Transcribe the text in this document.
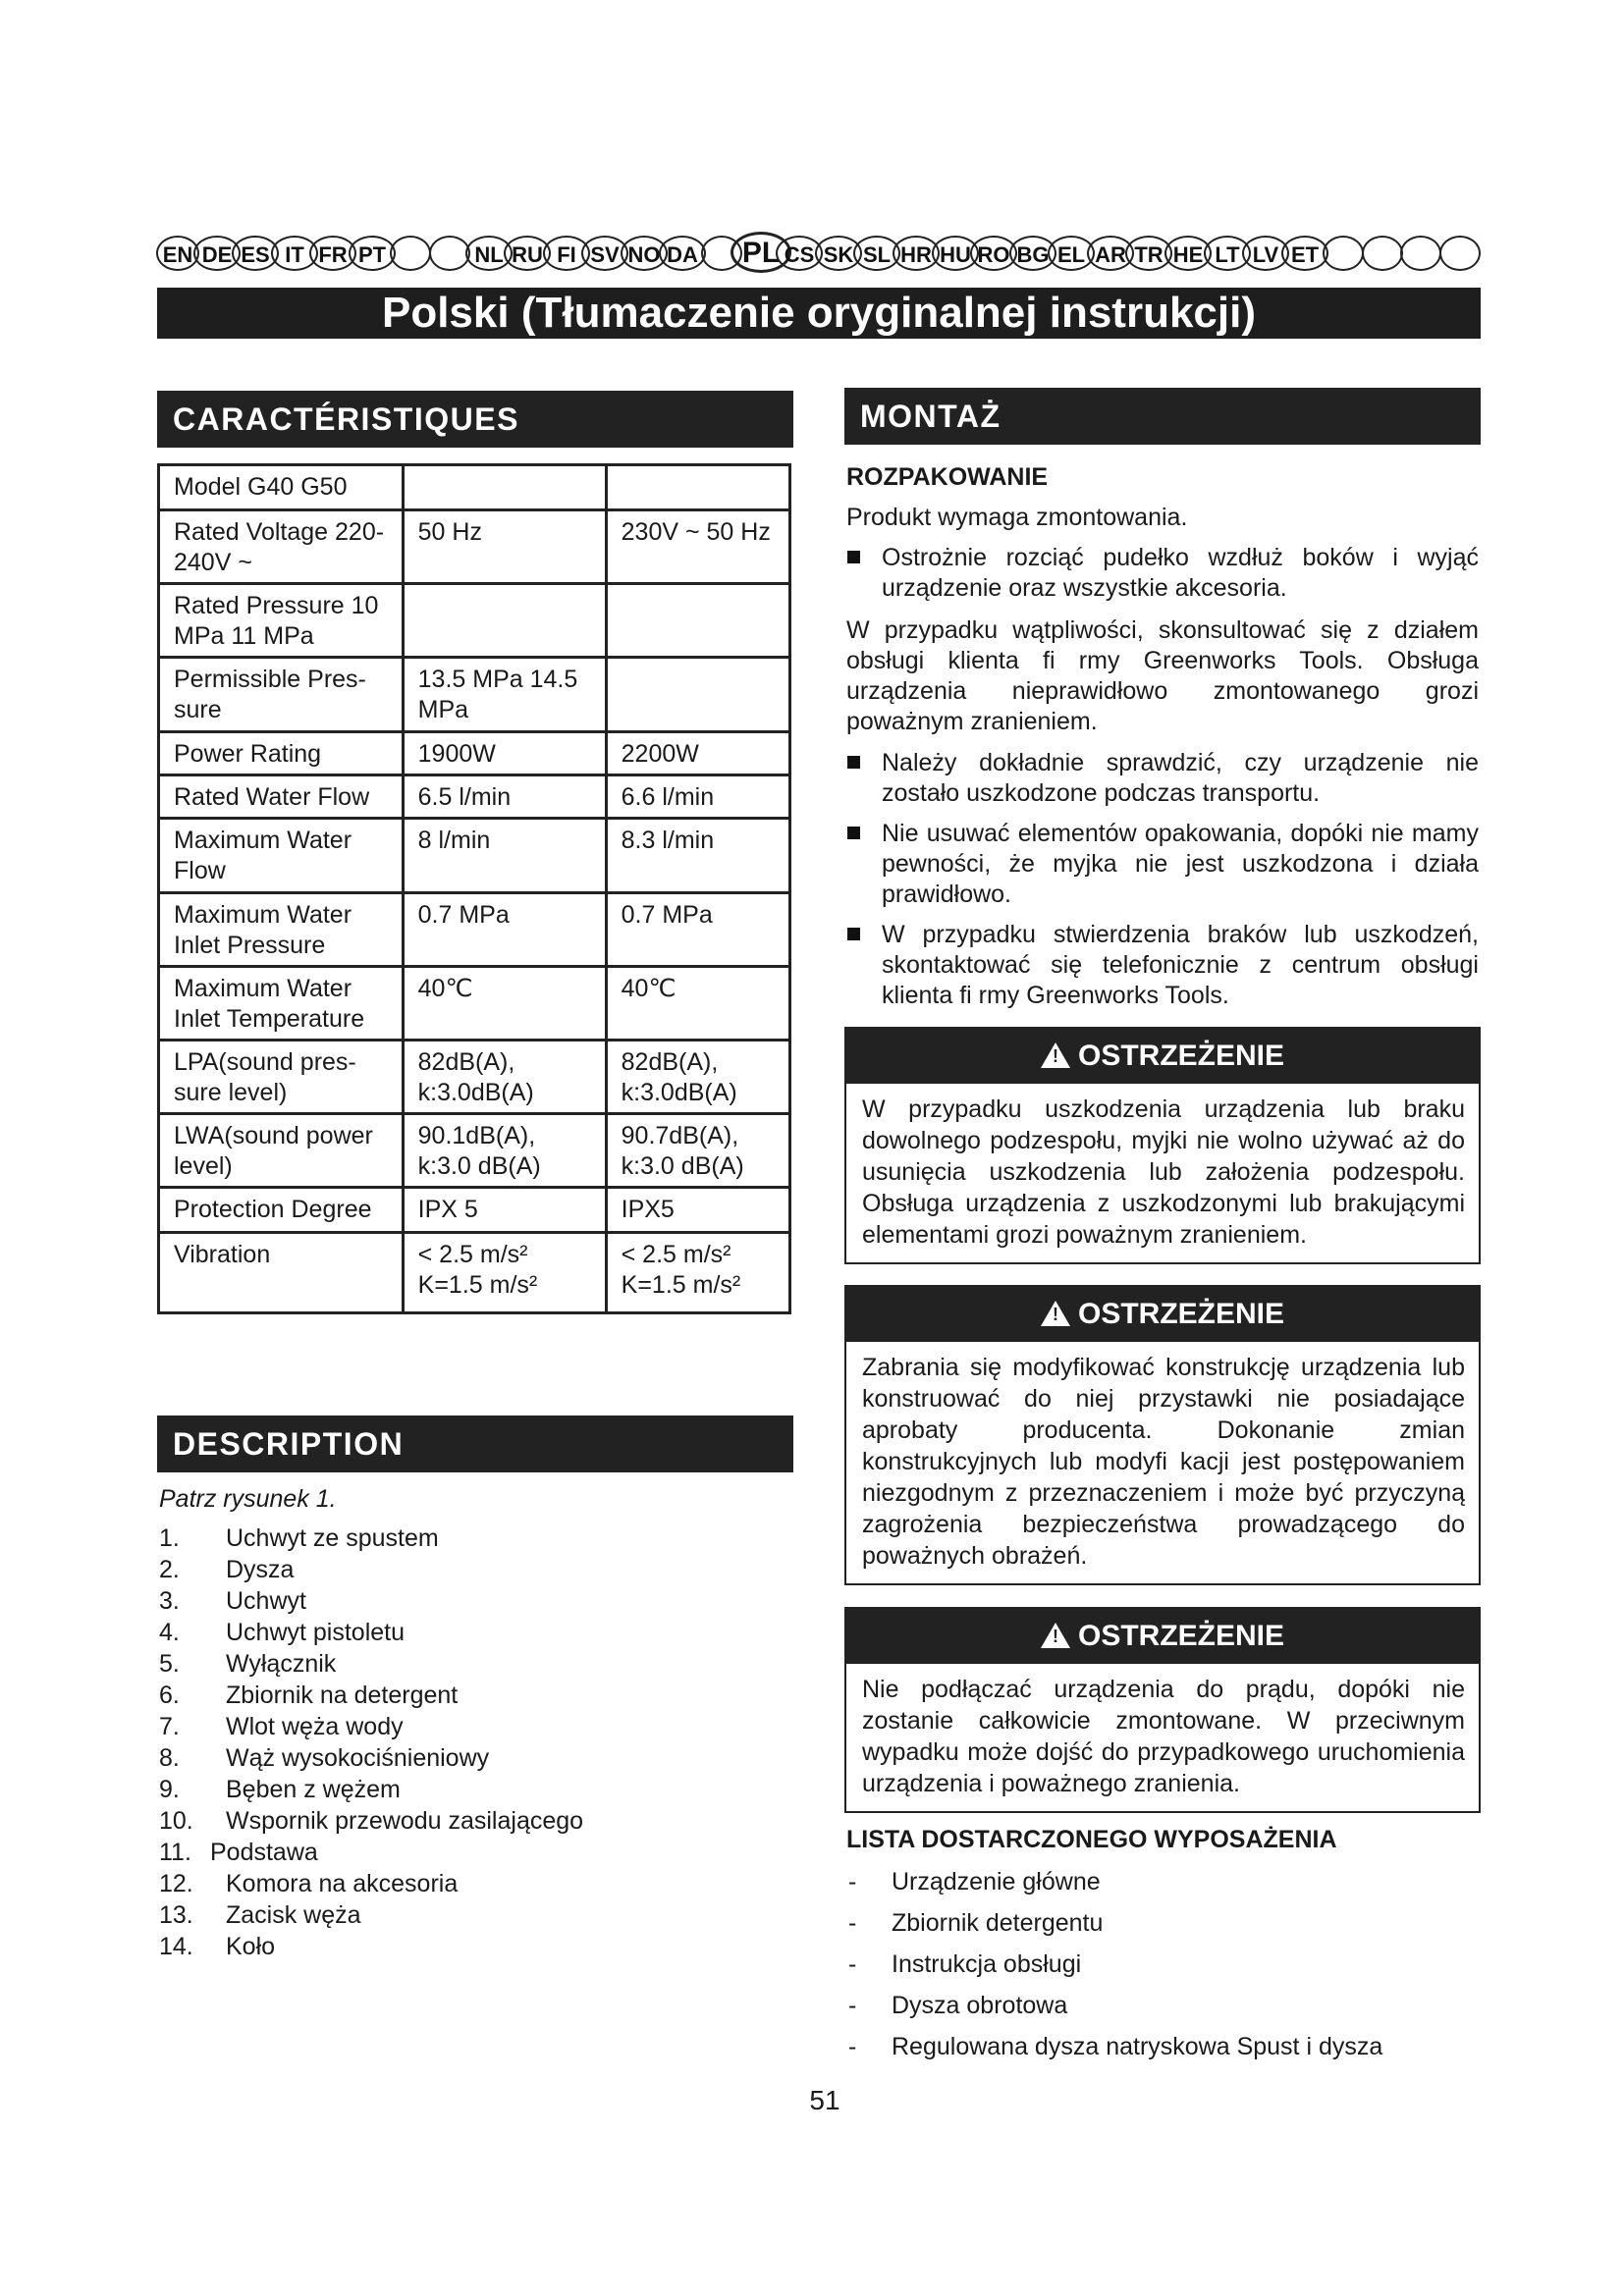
EN DE ES IT FR PT	NL RU FI SV NO DA	PL CS SK SL HR HU RO BG EL AR TR HE LT LV ET
Polski (Tłumaczenie oryginalnej instrukcji)
CARACTÉRISTIQUES
Model G40 G50		
Rated Voltage 220-240V ~	50 Hz	230V ~ 50 Hz
Rated Pressure 10 MPa 11 MPa		
Permissible Pres-sure	13.5 MPa 14.5 MPa	
Power Rating	1900W	2200W
Rated Water Flow	6.5 l/min	6.6 l/min
Maximum Water Flow	8 l/min	8.3 l/min
Maximum Water Inlet Pressure	0.7 MPa	0.7 MPa
Maximum Water Inlet Temperature	40℃	40℃
LPA(sound pres-sure level)	82dB(A), k:3.0dB(A)	82dB(A), k:3.0dB(A)
LWA(sound power level)	90.1dB(A), k:3.0 dB(A)	90.7dB(A), k:3.0 dB(A)
Protection Degree	IPX 5	IPX5
Vibration	< 2.5 m/s² K=1.5 m/s²	< 2.5 m/s² K=1.5 m/s²
DESCRIPTION
Patrz rysunek 1.
1. Uchwyt ze spustem
2. Dysza
3. Uchwyt
4. Uchwyt pistoletu
5. Wyłącznik
6. Zbiornik na detergent
7. Wlot węża wody
8. Wąż wysokociśnieniowy
9. Bęben z wężem
10. Wspornik przewodu zasilającego
11. Podstawa
12. Komora na akcesoria
13. Zacisk węża
14. Koło
MONTAŻ
ROZPAKOWANIE
Produkt wymaga zmontowania.
Ostrożnie rozciąć pudełko wzdłuż boków i wyjąć urządzenie oraz wszystkie akcesoria.
W przypadku wątpliwości, skonsultować się z działem obsługi klienta fi rmy Greenworks Tools. Obsługa urządzenia nieprawidłowo zmontowanego grozi poważnym zranieniem.
Należy dokładnie sprawdzić, czy urządzenie nie zostało uszkodzone podczas transportu.
Nie usuwać elementów opakowania, dopóki nie mamy pewności, że myjka nie jest uszkodzona i działa prawidłowo.
W przypadku stwierdzenia braków lub uszkodzeń, skontaktować się telefonicznie z centrum obsługi klienta fi rmy Greenworks Tools.
! OSTRZEŻENIE
W przypadku uszkodzenia urządzenia lub braku dowolnego podzespołu, myjki nie wolno używać aż do usunięcia uszkodzenia lub założenia podzespołu. Obsługa urządzenia z uszkodzonymi lub brakującymi elementami grozi poważnym zranieniem.
! OSTRZEŻENIE
Zabrania się modyfikować konstrukcję urządzenia lub konstruować do niej przystawki nie posiadające aprobaty producenta. Dokonanie zmian konstrukcyjnych lub modyfi kacji jest postępowaniem niezgodnym z przeznaczeniem i może być przyczyną zagrożenia bezpieczeństwa prowadzącego do poważnych obrażeń.
! OSTRZEŻENIE
Nie podłączać urządzenia do prądu, dopóki nie zostanie całkowicie zmontowane. W przeciwnym wypadku może dojść do przypadkowego uruchomienia urządzenia i poważnego zranienia.
LISTA DOSTARCZONEGO WYPOSAŻENIA
- Urządzenie główne
- Zbiornik detergentu
- Instrukcja obsługi
- Dysza obrotowa
- Regulowana dysza natryskowa Spust i dysza
51
